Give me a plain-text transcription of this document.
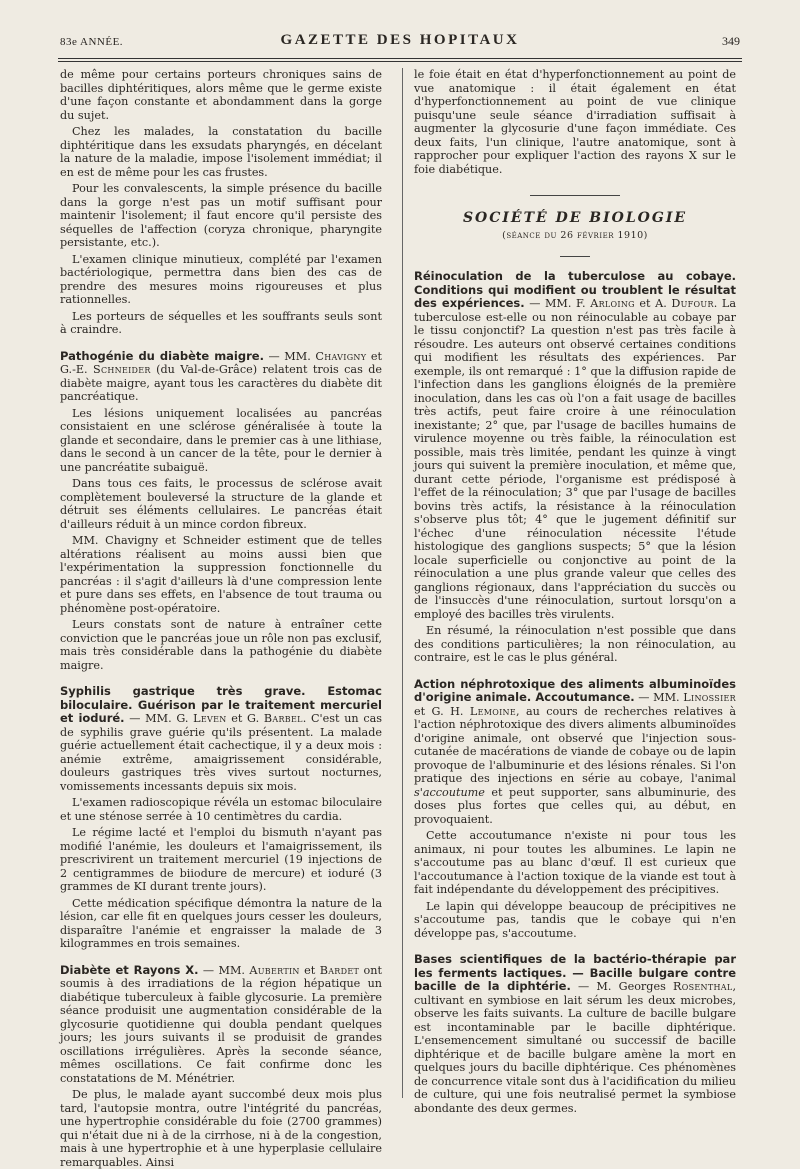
83e ANNÉE.	GAZETTE DES HOPITAUX	349

de même pour certains porteurs chroniques sains de bacilles diphtéritiques, alors même que le germe existe d'une façon constante et abondamment dans la gorge du sujet.

Chez les malades, la constatation du bacille diphtéritique dans les exsudats pharyngés, en décelant la nature de la maladie, impose l'isolement immédiat; il en est de même pour les cas frustes.

Pour les convalescents, la simple présence du bacille dans la gorge n'est pas un motif suffisant pour maintenir l'isolement; il faut encore qu'il persiste des séquelles de l'affection (coryza chronique, pharyngite persistante, etc.).

L'examen clinique minutieux, complété par l'examen bactériologique, permettra dans bien des cas de prendre des mesures moins rigoureuses et plus rationnelles.

Les porteurs de séquelles et les souffrants seuls sont à craindre.

Pathogénie du diabète maigre. — MM. Chavigny et G.-E. Schneider (du Val-de-Grâce) relatent trois cas de diabète maigre, ayant tous les caractères du diabète dit pancréatique.

Les lésions uniquement localisées au pancréas consistaient en une sclérose généralisée à toute la glande et secondaire, dans le premier cas à une lithiase, dans le second à un cancer de la tête, pour le dernier à une pancréatite subaiguë.

Dans tous ces faits, le processus de sclérose avait complètement bouleversé la structure de la glande et détruit ses éléments cellulaires. Le pancréas était d'ailleurs réduit à un mince cordon fibreux.

MM. Chavigny et Schneider estiment que de telles altérations réalisent au moins aussi bien que l'expérimentation la suppression fonctionnelle du pancréas : il s'agit d'ailleurs là d'une compression lente et pure dans ses effets, en l'absence de tout trauma ou phénomène post-opératoire.

Leurs constats sont de nature à entraîner cette conviction que le pancréas joue un rôle non pas exclusif, mais très considérable dans la pathogénie du diabète maigre.

Syphilis gastrique très grave. Estomac biloculaire. Guérison par le traitement mercuriel et ioduré. — MM. G. Leven et G. Barbel. C'est un cas de syphilis grave guérie qu'ils présentent. La malade guérie actuellement était cachectique, il y a deux mois : anémie extrême, amaigrissement considérable, douleurs gastriques très vives surtout nocturnes, vomissements incessants depuis six mois.

L'examen radioscopique révéla un estomac biloculaire et une sténose serrée à 10 centimètres du cardia.

Le régime lacté et l'emploi du bismuth n'ayant pas modifié l'anémie, les douleurs et l'amaigrissement, ils prescrivirent un traitement mercuriel (19 injections de 2 centigrammes de biiodure de mercure) et ioduré (3 grammes de KI durant trente jours).

Cette médication spécifique démontra la nature de la lésion, car elle fit en quelques jours cesser les douleurs, disparaître l'anémie et engraisser la malade de 3 kilogrammes en trois semaines.

Diabète et Rayons X. — MM. Aubertin et Bardet ont soumis à des irradiations de la région hépatique un diabétique tuberculeux à faible glycosurie. La première séance produisit une augmentation considérable de la glycosurie quotidienne qui doubla pendant quelques jours; les jours suivants il se produisit de grandes oscillations irrégulières. Après la seconde séance, mêmes oscillations. Ce fait confirme donc les constatations de M. Ménétrier.

De plus, le malade ayant succombé deux mois plus tard, l'autopsie montra, outre l'intégrité du pancréas, une hypertrophie considérable du foie (2700 grammes) qui n'était due ni à de la cirrhose, ni à de la congestion, mais à une hypertrophie et à une hyperplasie cellulaire remarquables. Ainsi

le foie était en état d'hyperfonctionnement au point de vue anatomique : il était également en état d'hyperfonctionnement au point de vue clinique puisqu'une seule séance d'irradiation suffisait à augmenter la glycosurie d'une façon immédiate. Ces deux faits, l'un clinique, l'autre anatomique, sont à rapprocher pour expliquer l'action des rayons X sur le foie diabétique.

SOCIÉTÉ DE BIOLOGIE
(séance du 26 février 1910)

Réinoculation de la tuberculose au cobaye. Conditions qui modifient ou troublent le résultat des expériences. — MM. F. Arloing et A. Dufour. La tuberculose est-elle ou non réinoculable au cobaye par le tissu conjonctif? La question n'est pas très facile à résoudre. Les auteurs ont observé certaines conditions qui modifient les résultats des expériences. Par exemple, ils ont remarqué : 1° que la diffusion rapide de l'infection dans les ganglions éloignés de la première inoculation, dans les cas où l'on a fait usage de bacilles très actifs, peut faire croire à une réinoculation inexistante; 2° que, par l'usage de bacilles humains de virulence moyenne ou très faible, la réinoculation est possible, mais très limitée, pendant les quinze à vingt jours qui suivent la première inoculation, et même que, durant cette période, l'organisme est prédisposé à l'effet de la réinoculation; 3° que par l'usage de bacilles bovins très actifs, la résistance à la réinoculation s'observe plus tôt; 4° que le jugement définitif sur l'échec d'une réinoculation nécessite l'étude histologique des ganglions suspects; 5° que la lésion locale superficielle ou conjonctive au point de la réinoculation a une plus grande valeur que celles des ganglions régionaux, dans l'appréciation du succès ou de l'insuccès d'une réinoculation, surtout lorsqu'on a employé des bacilles très virulents.

En résumé, la réinoculation n'est possible que dans des conditions particulières; la non réinoculation, au contraire, est le cas le plus général.

Action néphrotoxique des aliments albuminoïdes d'origine animale. Accoutumance. — MM. Linossier et G. H. Lemoine, au cours de recherches relatives à l'action néphrotoxique des divers aliments albuminoïdes d'origine animale, ont observé que l'injection sous-cutanée de macérations de viande de cobaye ou de lapin provoque de l'albuminurie et des lésions rénales. Si l'on pratique des injections en série au cobaye, l'animal s'accoutume et peut supporter, sans albuminurie, des doses plus fortes que celles qui, au début, en provoquaient.

Cette accoutumance n'existe ni pour tous les animaux, ni pour toutes les albumines. Le lapin ne s'accoutume pas au blanc d'œuf. Il est curieux que l'accoutumance à l'action toxique de la viande est tout à fait indépendante du développement des précipitives.

Le lapin qui développe beaucoup de précipitives ne s'accoutume pas, tandis que le cobaye qui n'en développe pas, s'accoutume.

Bases scientifiques de la bactério-thérapie par les ferments lactiques. — Bacille bulgare contre bacille de la diphtérie. — M. Georges Rosenthal, cultivant en symbiose en lait sérum les deux microbes, observe les faits suivants. La culture de bacille bulgare est incontaminable par le bacille diphtérique. L'ensemencement simultané ou successif de bacille diphtérique et de bacille bulgare amène la mort en quelques jours du bacille diphtérique. Ces phénomènes de concurrence vitale sont dus à l'acidification du milieu de culture, qui une fois neutralisé permet la symbiose abondante des deux germes.
